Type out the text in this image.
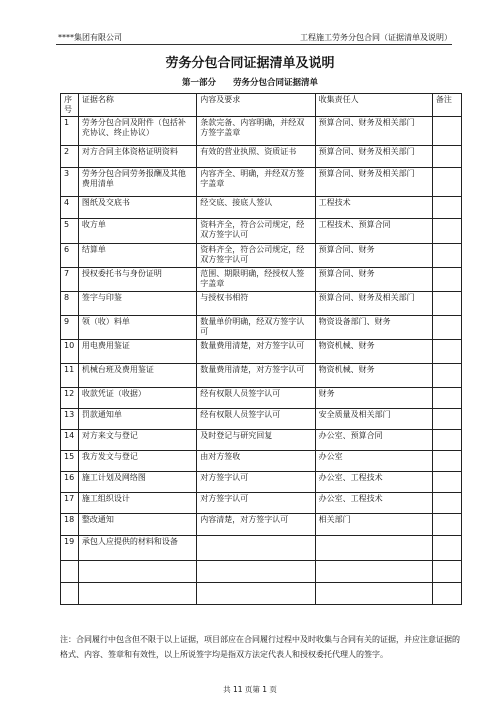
****集团有限公司	工程施工劳务分包合同（证据清单及说明）
劳务分包合同证据清单及说明
第一部分　　劳务分包合同证据清单
序号	证据名称	内容及要求	收集责任人	备注
1	劳务分包合同及附件（包括补充协议、终止协议）	条款完备、内容明确，并经双方签字盖章	预算合同、财务及相关部门	
2	对方合同主体资格证明资料	有效的营业执照、资质证书	预算合同、财务及相关部门	
3	劳务分包合同劳务报酬及其他费用清单	内容齐全、明确，并经双方签字盖章	预算合同、财务及相关部门	
4	图纸及交底书	经交底、接底人签认	工程技术	
5	收方单	资料齐全，符合公司规定，经双方签字认可	工程技术、预算合同	
6	结算单	资料齐全，符合公司规定，经双方签字认可	预算合同、财务	
7	授权委托书与身份证明	范围、期限明确，经授权人签字盖章	预算合同、财务	
8	签字与印鉴	与授权书相符	预算合同、财务及相关部门	
9	领（收）料单	数量单价明确，经双方签字认可	物资设备部门、财务	
10	用电费用鉴证	数量费用清楚，对方签字认可	物资机械、财务	
11	机械台班及费用鉴证	数量费用清楚，对方签字认可	物资机械、财务	
12	收款凭证（收据）	经有权限人员签字认可	财务	
13	罚款通知单	经有权限人员签字认可	安全质量及相关部门	
14	对方来文与登记	及时登记与研究回复	办公室、预算合同	
15	我方发文与登记	由对方签收	办公室	
16	施工计划及网络图	对方签字认可	办公室、工程技术	
17	施工组织设计	对方签字认可	办公室、工程技术	
18	整改通知	内容清楚，对方签字认可	相关部门	
19	承包人应提供的材料和设备			

注：合同履行中包含但不限于以上证据，项目部应在合同履行过程中及时收集与合同有关的证据，并应注意证据的格式、内容、签章和有效性，以上所说签字均是指双方法定代表人和授权委托代理人的签字。
共 11 页第 1 页
